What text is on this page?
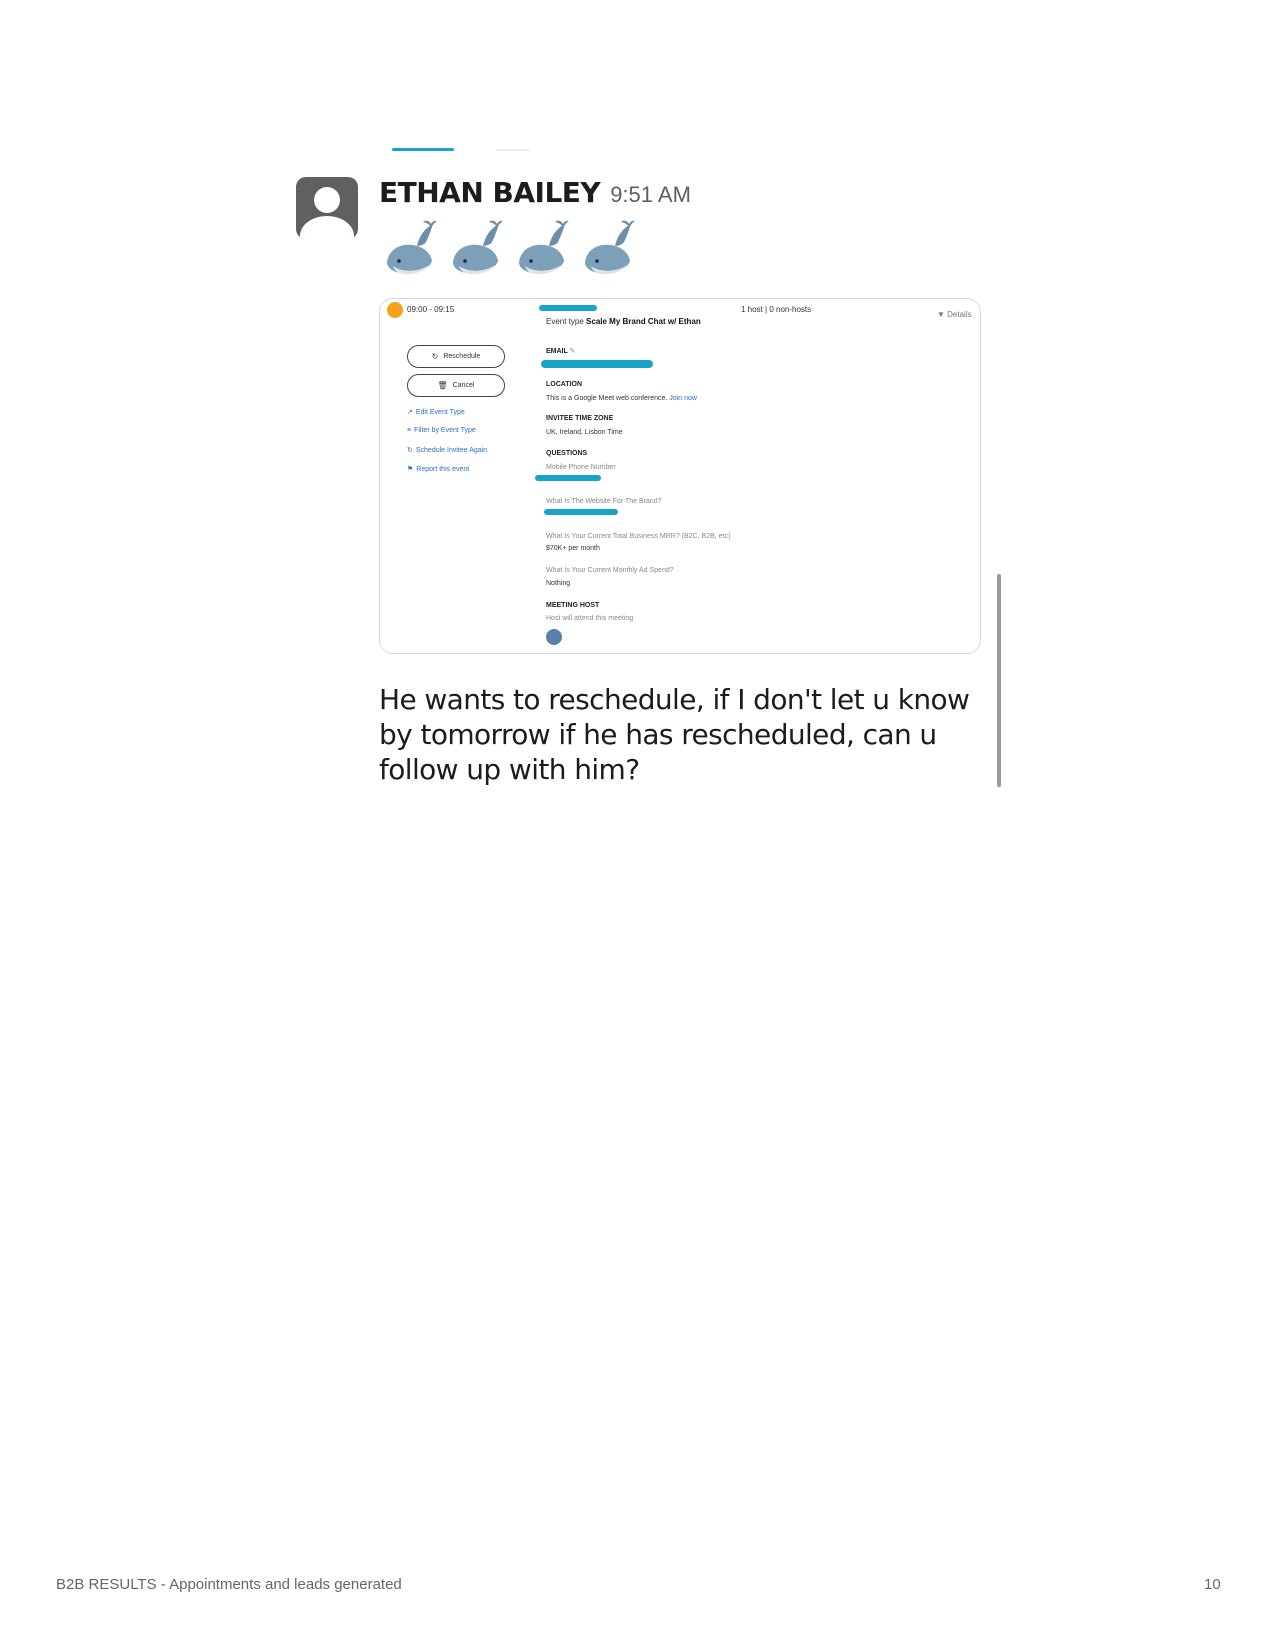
ETHAN BAILEY 9:51 AM
09:00 - 09:15	1 host | 0 non-hosts
▼ Details
Event type Scale My Brand Chat w/ Ethan
↻ Reschedule
🗑 Cancel
↗ Edit Event Type
≡ Filter by Event Type
↻ Schedule Invitee Again
⚑ Report this event
EMAIL ✎
LOCATION
This is a Google Meet web conference. Join now
INVITEE TIME ZONE
UK, Ireland, Lisbon Time
QUESTIONS
Mobile Phone Number
What Is The Website For The Brand?
What Is Your Current Total Business MRR? (B2C, B2B, etc)
$70K+ per month
What Is Your Current Monthly Ad Spend?
Nothing
MEETING HOST
Host will attend this meeting
He wants to reschedule, if I don't let u know by tomorrow if he has rescheduled, can u follow up with him?
B2B RESULTS - Appointments and leads generated	10
